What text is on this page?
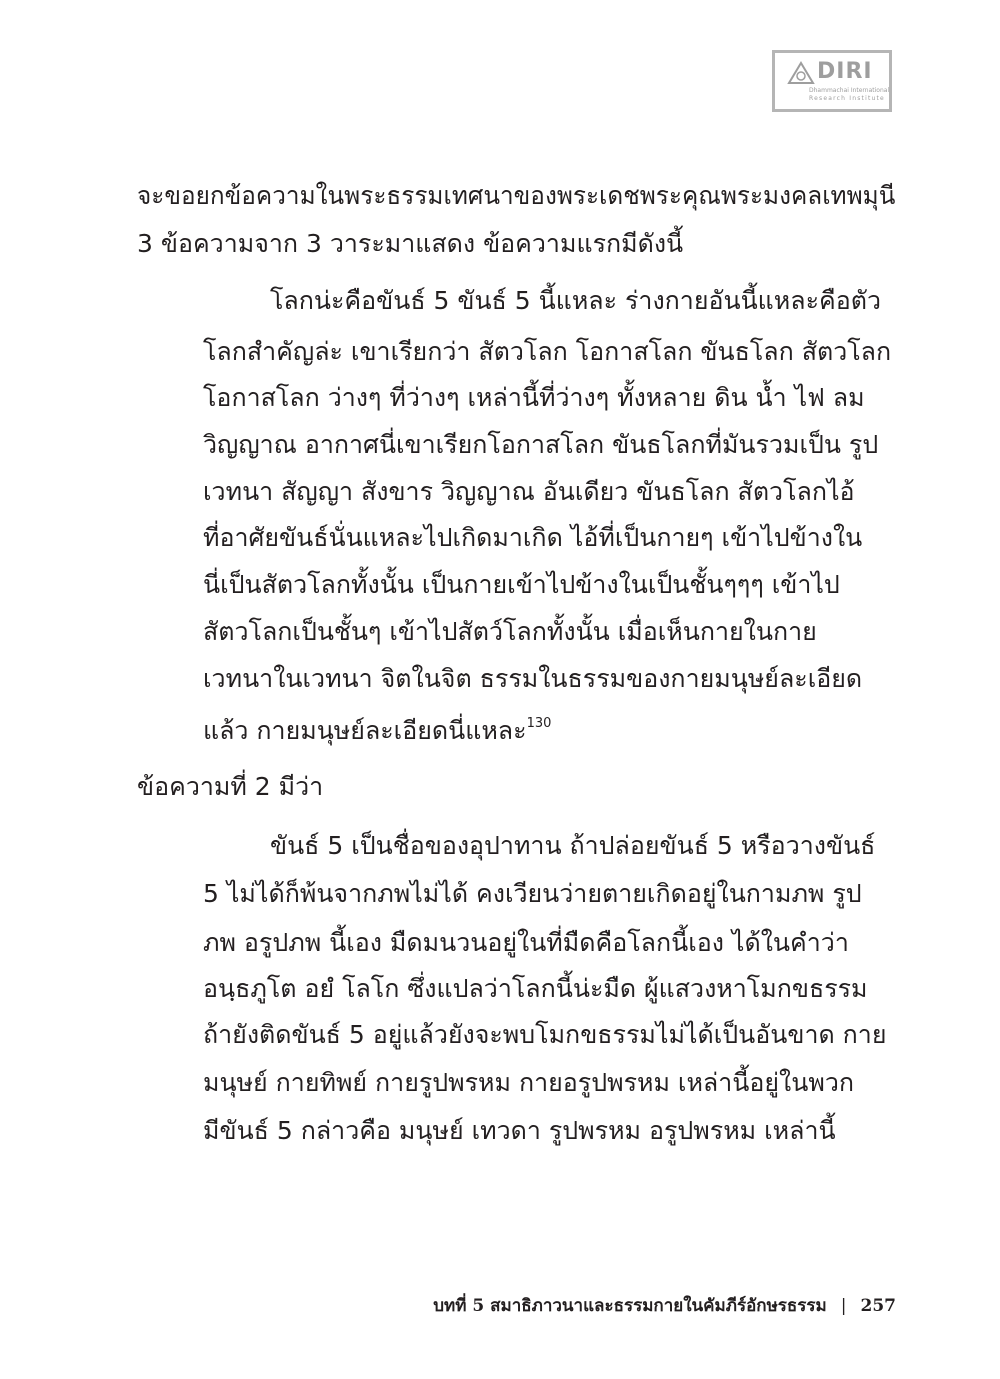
DIRI
Dhammachai International
Research Institute
จะขอยกข้อความในพระธรรมเทศนาของพระเดชพระคุณพระมงคลเทพมุนี
3 ข้อความจาก 3 วาระมาแสดง ข้อความแรกมีดังนี้
โลกน่ะคือขันธ์ 5 ขันธ์ 5 นี้แหละ ร่างกายอันนี้แหละคือตัว
โลกสำคัญล่ะ เขาเรียกว่า สัตวโลก โอกาสโลก ขันธโลก สัตวโลก
โอกาสโลก ว่างๆ ที่ว่างๆ เหล่านี้ที่ว่างๆ ทั้งหลาย ดิน น้ำ ไฟ ลม
วิญญาณ อากาศนี่เขาเรียกโอกาสโลก ขันธโลกที่มันรวมเป็น รูป
เวทนา สัญญา สังขาร วิญญาณ อันเดียว ขันธโลก สัตวโลกไอ้
ที่อาศัยขันธ์นั่นแหละไปเกิดมาเกิด ไอ้ที่เป็นกายๆ เข้าไปข้างใน
นี่เป็นสัตวโลกทั้งนั้น เป็นกายเข้าไปข้างในเป็นชั้นๆๆๆ เข้าไป
สัตวโลกเป็นชั้นๆ เข้าไปสัตว์โลกทั้งนั้น เมื่อเห็นกายในกาย
เวทนาในเวทนา จิตในจิต ธรรมในธรรมของกายมนุษย์ละเอียด
แล้ว กายมนุษย์ละเอียดนี่แหละ$^{130}$
ข้อความที่ 2 มีว่า
ขันธ์ 5 เป็นชื่อของอุปาทาน ถ้าปล่อยขันธ์ 5 หรือวางขันธ์
5 ไม่ได้ก็พ้นจากภพไม่ได้ คงเวียนว่ายตายเกิดอยู่ในกามภพ รูป
ภพ อรูปภพ นี้เอง มืดมนวนอยู่ในที่มืดคือโลกนี้เอง ได้ในคำว่า
อนฺธภูโต อยํ โลโก ซึ่งแปลว่าโลกนี้น่ะมืด ผู้แสวงหาโมกขธรรม
ถ้ายังติดขันธ์ 5 อยู่แล้วยังจะพบโมกขธรรมไม่ได้เป็นอันขาด กาย
มนุษย์ กายทิพย์ กายรูปพรหม กายอรูปพรหม เหล่านี้อยู่ในพวก
มีขันธ์ 5 กล่าวคือ มนุษย์ เทวดา รูปพรหม อรูปพรหม เหล่านี้
บทที่ 5 สมาธิภาวนาและธรรมกายในคัมภีร์อักษรธรรม | 257
